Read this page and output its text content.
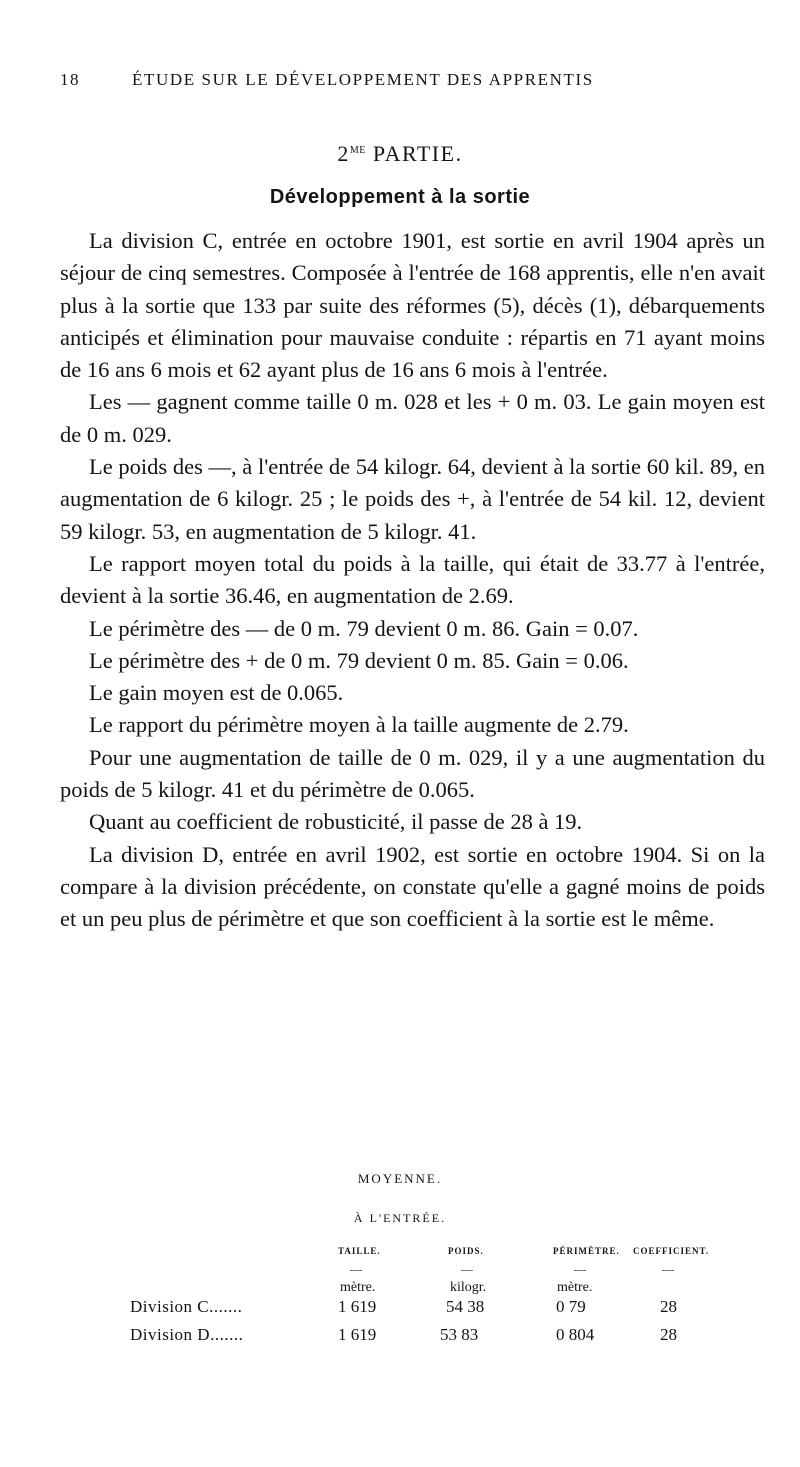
18	ÉTUDE SUR LE DÉVELOPPEMENT DES APPRENTIS
$2^{ME}$ PARTIE.
Développement à la sortie

La division C, entrée en octobre 1901, est sortie en avril 1904 après un séjour de cinq semestres. Composée à l'entrée de 168 apprentis, elle n'en avait plus à la sortie que 133 par suite des réformes (5), décès (1), débarquements anticipés et élimination pour mauvaise conduite : répartis en 71 ayant moins de 16 ans 6 mois et 62 ayant plus de 16 ans 6 mois à l'entrée.

Les — gagnent comme taille 0 m. 028 et les + 0 m. 03. Le gain moyen est de 0 m. 029.

Le poids des —, à l'entrée de 54 kilogr. 64, devient à la sortie 60 kil. 89, en augmentation de 6 kilogr. 25 ; le poids des +, à l'entrée de 54 kil. 12, devient 59 kilogr. 53, en augmentation de 5 kilogr. 41.

Le rapport moyen total du poids à la taille, qui était de 33.77 à l'entrée, devient à la sortie 36.46, en augmentation de 2.69.

Le périmètre des — de 0 m. 79 devient 0 m. 86. Gain = 0.07.

Le périmètre des + de 0 m. 79 devient 0 m. 85. Gain = 0.06.

Le gain moyen est de 0.065.

Le rapport du périmètre moyen à la taille augmente de 2.79.

Pour une augmentation de taille de 0 m. 029, il y a une augmentation du poids de 5 kilogr. 41 et du périmètre de 0.065.

Quant au coefficient de robusticité, il passe de 28 à 19.

La division D, entrée en avril 1902, est sortie en octobre 1904. Si on la compare à la division précédente, on constate qu'elle a gagné moins de poids et un peu plus de périmètre et que son coefficient à la sortie est le même.

MOYENNE.
À L'ENTRÉE.
TAILLE.	POIDS.	PÉRIMÈTRE. COEFFICIENT.
—	—	—	—
mètre.	kilogr.	mètre.
Division C.......	1 619	54 38	0 79	28
Division D.......	1 619	53 83	0 804	28
